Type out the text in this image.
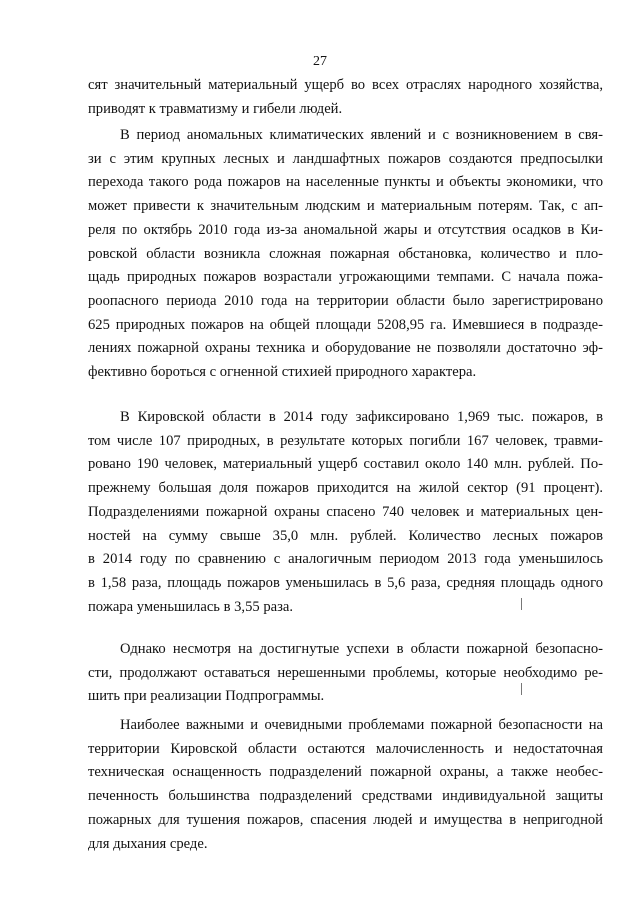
27
сят значительный материальный ущерб во всех отраслях народного хозяйства,
приводят к травматизму и гибели людей.
В период аномальных климатических явлений и с возникновением в свя-
зи с этим крупных лесных и ландшафтных пожаров создаются предпосылки
перехода такого рода пожаров на населенные пункты и объекты экономики, что
может привести к значительным людским и материальным потерям. Так, с ап-
реля по октябрь 2010 года из-за аномальной жары и отсутствия осадков в Ки-
ровской области возникла сложная пожарная обстановка, количество и пло-
щадь природных пожаров возрастали угрожающими темпами. С начала пожа-
роопасного периода 2010 года на территории области было зарегистрировано
625 природных пожаров на общей площади 5208,95 га. Имевшиеся в подразде-
лениях пожарной охраны техника и оборудование не позволяли достаточно эф-
фективно бороться с огненной стихией природного характера.
В Кировской области в 2014 году зафиксировано 1,969 тыс. пожаров, в
том числе 107 природных, в результате которых погибли 167 человек, травми-
ровано 190 человек, материальный ущерб составил около 140 млн. рублей. По-
прежнему большая доля пожаров приходится на жилой сектор (91 процент).
Подразделениями пожарной охраны спасено 740 человек и материальных цен-
ностей на сумму свыше 35,0 млн. рублей. Количество лесных пожаров
в 2014 году по сравнению с аналогичным периодом 2013 года уменьшилось
в 1,58 раза, площадь пожаров уменьшилась в 5,6 раза, средняя площадь одного
пожара уменьшилась в 3,55 раза.
Однако несмотря на достигнутые успехи в области пожарной безопасно-
сти, продолжают оставаться нерешенными проблемы, которые необходимо ре-
шить при реализации Подпрограммы.
Наиболее важными и очевидными проблемами пожарной безопасности на
территории Кировской области остаются малочисленность и недостаточная
техническая оснащенность подразделений пожарной охраны, а также необес-
печенность большинства подразделений средствами индивидуальной защиты
пожарных для тушения пожаров, спасения людей и имущества в непригодной
для дыхания среде.
